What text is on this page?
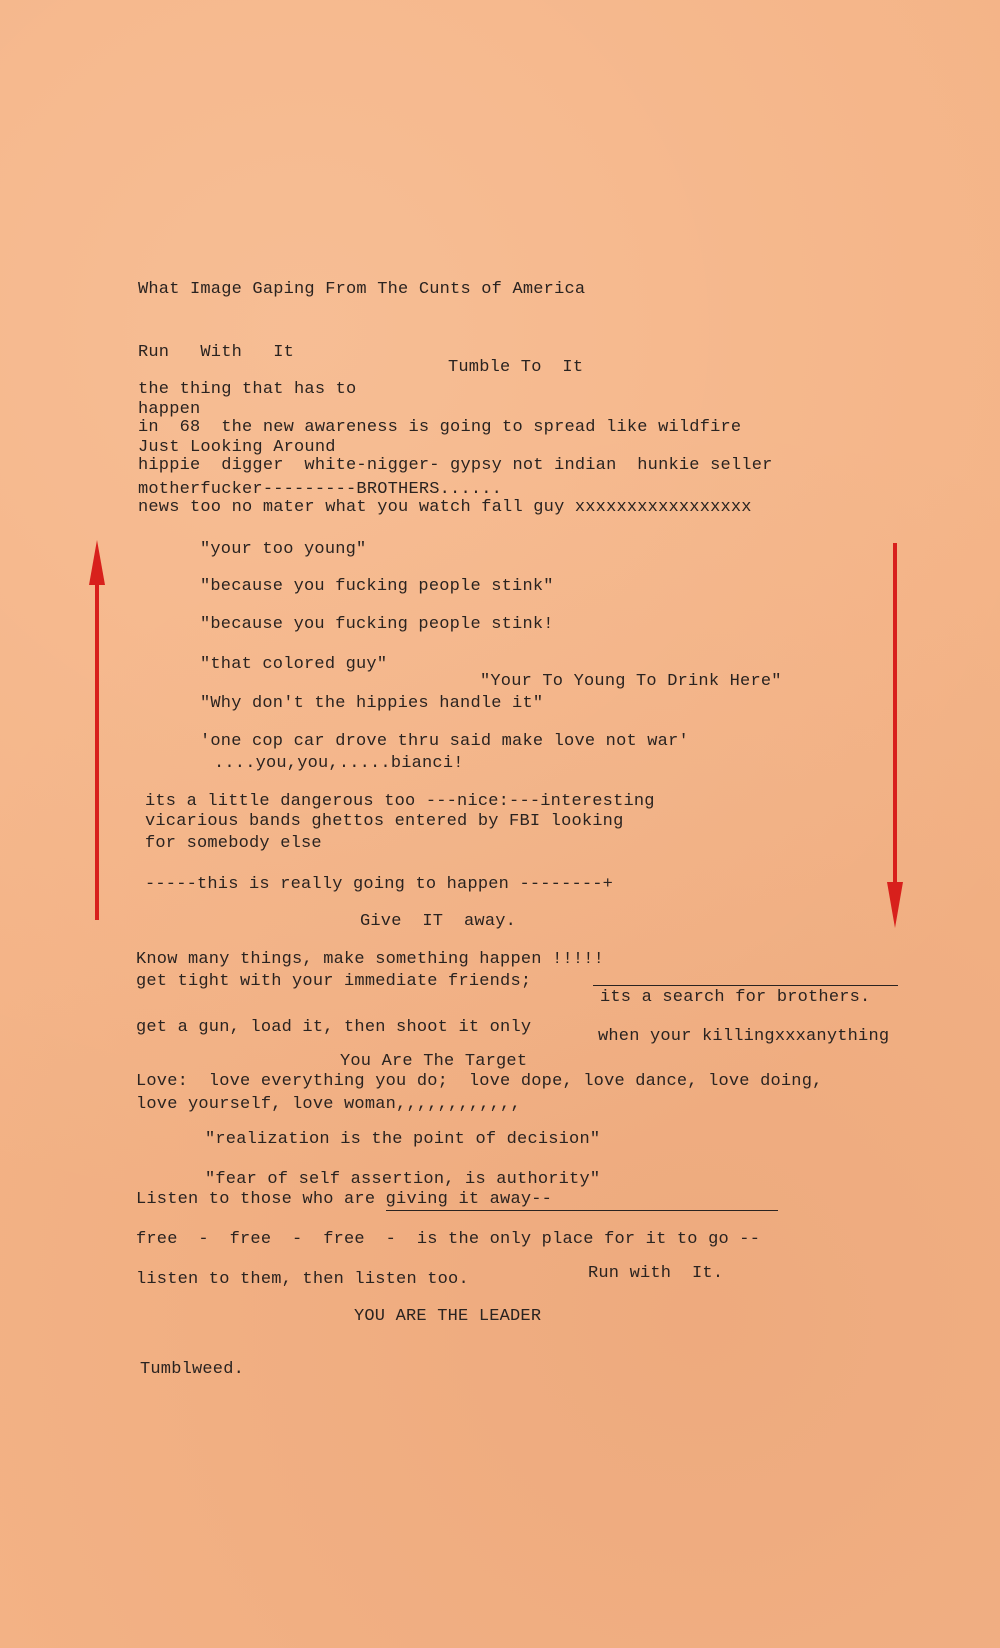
What Image Gaping From The Cunts of America
Run   With   It
Tumble To  It
the thing that has to
happen
in  68  the new awareness is going to spread like wildfire
Just Looking Around
hippie  digger  white-nigger- gypsy not indian  hunkie seller
motherfucker---------BROTHERS......
news too no mater what you watch fall guy xxxxxxxxxxxxxxxxx
"your too young"
"because you fucking people stink"
"because you fucking people stink!
"that colored guy"
"Your To Young To Drink Here"
"Why don't the hippies handle it"
'one cop car drove thru said make love not war'
....you,you,.....bianci!
its a little dangerous too ---nice:---interesting
vicarious bands ghettos entered by FBI looking
for somebody else
-----this is really going to happen --------+
Give  IT  away.
Know many things, make something happen !!!!!
get tight with your immediate friends;
get a gun, load it, then shoot it only
its a search for brothers.
when your killingxxxanything
You Are The Target
Love:  love everything you do;  love dope, love dance, love doing,
love yourself, love woman,,,,,,,,,,,,
"realization is the point of decision"
"fear of self assertion, is authority"
Listen to those who are giving it away--
free  -  free  -  free  -  is the only place for it to go --
listen to them, then listen too.	Run with  It.
YOU ARE THE LEADER
Tumblweed.
